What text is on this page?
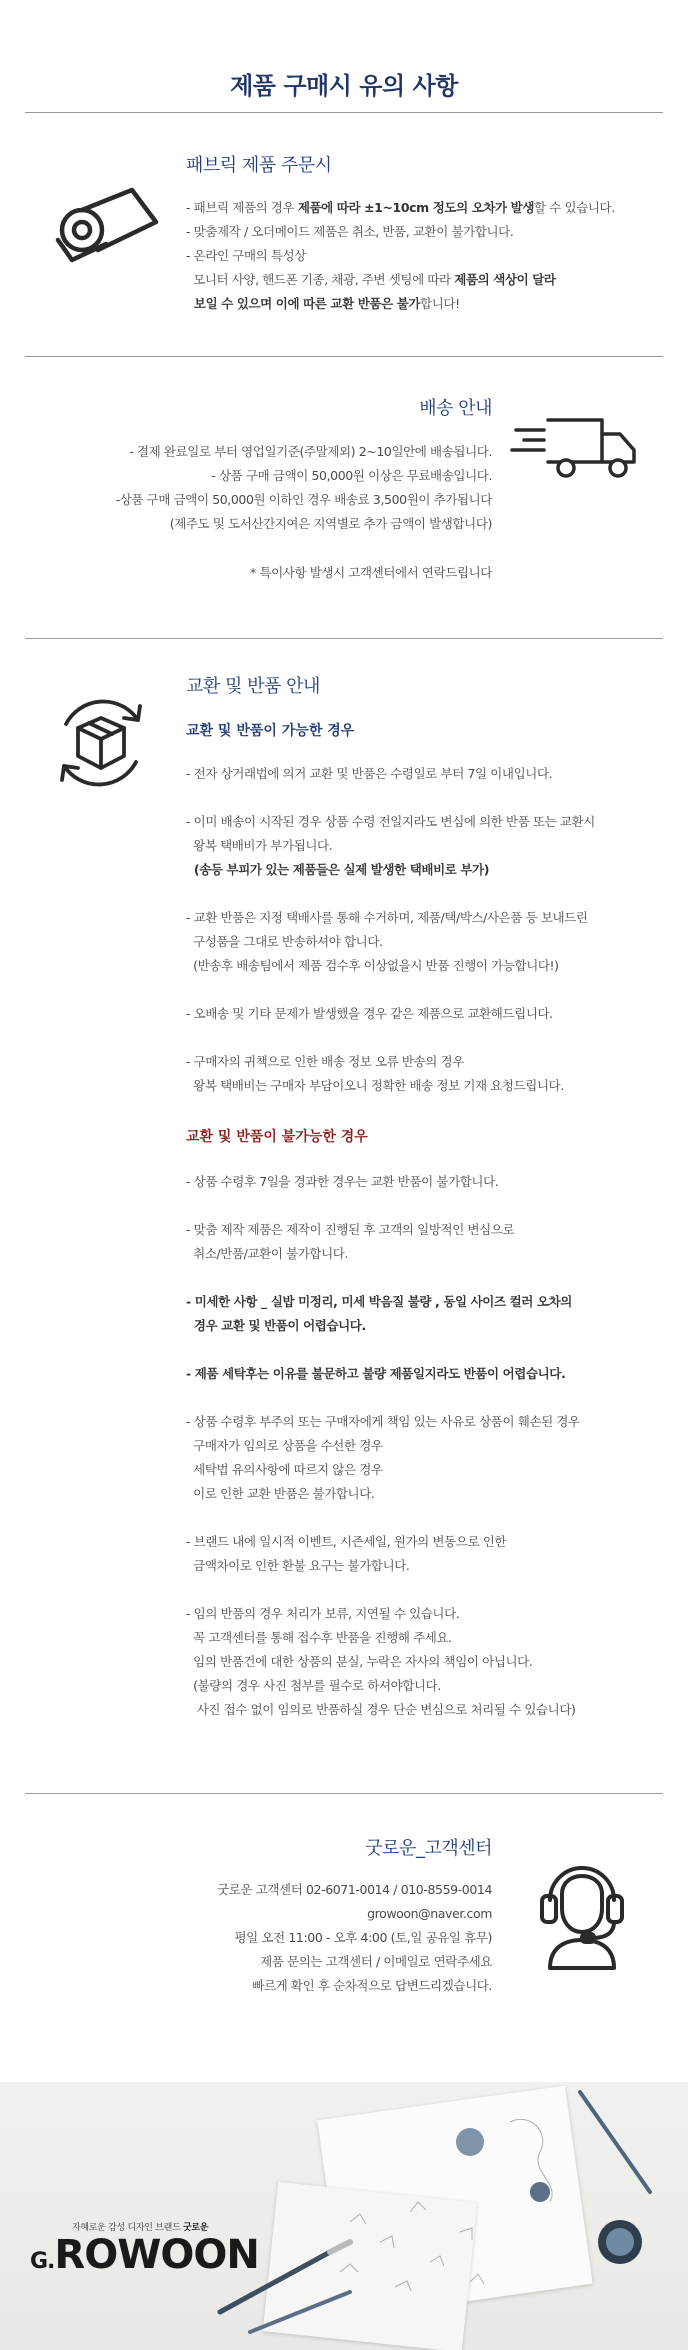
제품 구매시 유의 사항
패브릭 제품 주문시
- 패브릭 제품의 경우 제품에 따라 ±1~10cm 정도의 오차가 발생할 수 있습니다.
- 맞춤제작 / 오더메이드 제품은 취소, 반품, 교환이 불가합니다.
- 온라인 구매의 특성상
모니터 사양, 핸드폰 기종, 채광, 주변 셋팅에 따라 제품의 색상이 달라
보일 수 있으며 이에 따른 교환 반품은 불가합니다!
배송 안내
- 결제 완료일로 부터 영업일기준(주말제외) 2~10일안에 배송됩니다.
- 상품 구매 금액이 50,000원 이상은 무료배송입니다.
-상품 구매 금액이 50,000원 이하인 경우 배송료 3,500원이 추가됩니다
(제주도 및 도서산간지여은 지역별로 추가 금액이 발생합니다)
* 특이사항 발생시 고객센터에서 연락드립니다
교환 및 반품 안내
교환 및 반품이 가능한 경우
- 전자 상거래법에 의거 교환 및 반품은 수령일로 부터 7일 이내입니다.
- 이미 배송이 시작된 경우 상품 수령 전일지라도 변심에 의한 반품 또는 교환시
왕복 택배비가 부가됩니다.
(송등 부피가 있는 제품들은 실제 발생한 택배비로 부가)
- 교환 반품은 지정 택배사를 통해 수거하며, 제품/택/박스/사은품 등 보내드린
구성품을 그대로 반송하셔야 합니다.
(반송후 배송팀에서 제품 검수후 이상없을시 반품 진행이 가능합니다!)
- 오배송 및 기타 문제가 발생했을 경우 같은 제품으로 교환해드립니다.
- 구매자의 귀책으로 인한 배송 정보 오류 반송의 경우
왕복 택배비는 구매자 부담이오니 정확한 배송 정보 기재 요청드립니다.
교환 및 반품이 불가능한 경우
- 상품 수령후 7일을 경과한 경우는 교환 반품이 불가합니다.
- 맞춤 제작 제품은 제작이 진행된 후 고객의 일방적인 변심으로
취소/반품/교환이 불가합니다.
- 미세한 사항 _ 실밥 미정리, 미세 박음질 불량 , 동일 사이즈 컬러 오차의
경우 교환 및 반품이 어렵습니다.
- 제품 세탁후는 이유를 불문하고 불량 제품일지라도 반품이 어렵습니다.
- 상품 수령후 부주의 또는 구매자에게 책임 있는 사유로 상품이 훼손된 경우
구매자가 임의로 상품을 수선한 경우
세탁법 유의사항에 따르지 않은 경우
이로 인한 교환 반품은 불가합니다.
- 브랜드 내에 일시적 이벤트, 시즌세일, 원가의 변동으로 인한
금액차이로 인한 환불 요구는 불가합니다.
- 임의 반품의 경우 처리가 보류, 지연될 수 있습니다.
꼭 고객센터를 통해 접수후 반품을 진행해 주세요.
임의 반품건에 대한 상품의 분실, 누락은 자사의 책임이 아닙니다.
(불량의 경우 사진 첨부를 필수로 하셔야합니다.
사진 접수 없이 임의로 반품하실 경우 단순 변심으로 처리될 수 있습니다)
굿로운_고객센터
굿로운 고객센터 02-6071-0014 / 010-8559-0014
growoon@naver.com
평일 오전 11:00 - 오후 4:00 (토,일 공유일 휴무)
제품 문의는 고객센터 / 이메일로 연락주세요
빠르게 확인 후 순차적으로 답변드리겠습니다.
자혜로운 감성 디자인 브랜드 굿로운
G.ROWOON
